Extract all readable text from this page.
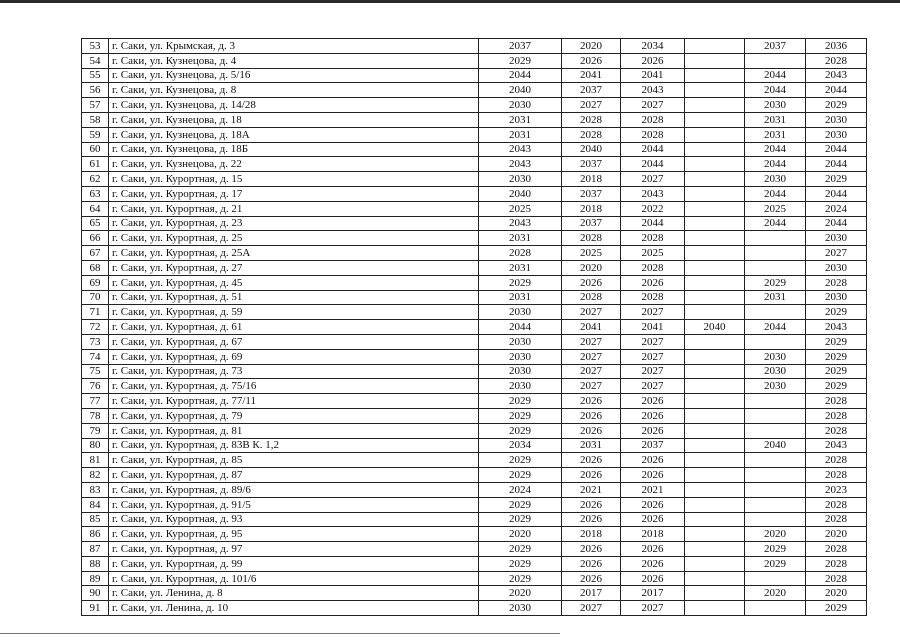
53	г. Саки, ул. Крымская, д. 3	2037	2020	2034		2037	2036
54	г. Саки, ул. Кузнецова, д. 4	2029	2026	2026			2028
55	г. Саки, ул. Кузнецова, д. 5/16	2044	2041	2041		2044	2043
56	г. Саки, ул. Кузнецова, д. 8	2040	2037	2043		2044	2044
57	г. Саки, ул. Кузнецова, д. 14/28	2030	2027	2027		2030	2029
58	г. Саки, ул. Кузнецова, д. 18	2031	2028	2028		2031	2030
59	г. Саки, ул. Кузнецова, д. 18А	2031	2028	2028		2031	2030
60	г. Саки, ул. Кузнецова, д. 18Б	2043	2040	2044		2044	2044
61	г. Саки, ул. Кузнецова, д. 22	2043	2037	2044		2044	2044
62	г. Саки, ул. Курортная, д. 15	2030	2018	2027		2030	2029
63	г. Саки, ул. Курортная, д. 17	2040	2037	2043		2044	2044
64	г. Саки, ул. Курортная, д. 21	2025	2018	2022		2025	2024
65	г. Саки, ул. Курортная, д. 23	2043	2037	2044		2044	2044
66	г. Саки, ул. Курортная, д. 25	2031	2028	2028			2030
67	г. Саки, ул. Курортная, д. 25А	2028	2025	2025			2027
68	г. Саки, ул. Курортная, д. 27	2031	2020	2028			2030
69	г. Саки, ул. Курортная, д. 45	2029	2026	2026		2029	2028
70	г. Саки, ул. Курортная, д. 51	2031	2028	2028		2031	2030
71	г. Саки, ул. Курортная, д. 59	2030	2027	2027			2029
72	г. Саки, ул. Курортная, д. 61	2044	2041	2041	2040	2044	2043
73	г. Саки, ул. Курортная, д. 67	2030	2027	2027			2029
74	г. Саки, ул. Курортная, д. 69	2030	2027	2027		2030	2029
75	г. Саки, ул. Курортная, д. 73	2030	2027	2027		2030	2029
76	г. Саки, ул. Курортная, д. 75/16	2030	2027	2027		2030	2029
77	г. Саки, ул. Курортная, д. 77/11	2029	2026	2026			2028
78	г. Саки, ул. Курортная, д. 79	2029	2026	2026			2028
79	г. Саки, ул. Курортная, д. 81	2029	2026	2026			2028
80	г. Саки, ул. Курортная, д. 83В К. 1,2	2034	2031	2037		2040	2043
81	г. Саки, ул. Курортная, д. 85	2029	2026	2026			2028
82	г. Саки, ул. Курортная, д. 87	2029	2026	2026			2028
83	г. Саки, ул. Курортная, д. 89/6	2024	2021	2021			2023
84	г. Саки, ул. Курортная, д. 91/5	2029	2026	2026			2028
85	г. Саки, ул. Курортная, д. 93	2029	2026	2026			2028
86	г. Саки, ул. Курортная, д. 95	2020	2018	2018		2020	2020
87	г. Саки, ул. Курортная, д. 97	2029	2026	2026		2029	2028
88	г. Саки, ул. Курортная, д. 99	2029	2026	2026		2029	2028
89	г. Саки, ул. Курортная, д. 101/6	2029	2026	2026			2028
90	г. Саки, ул. Ленина, д. 8	2020	2017	2017		2020	2020
91	г. Саки, ул. Ленина, д. 10	2030	2027	2027			2029
